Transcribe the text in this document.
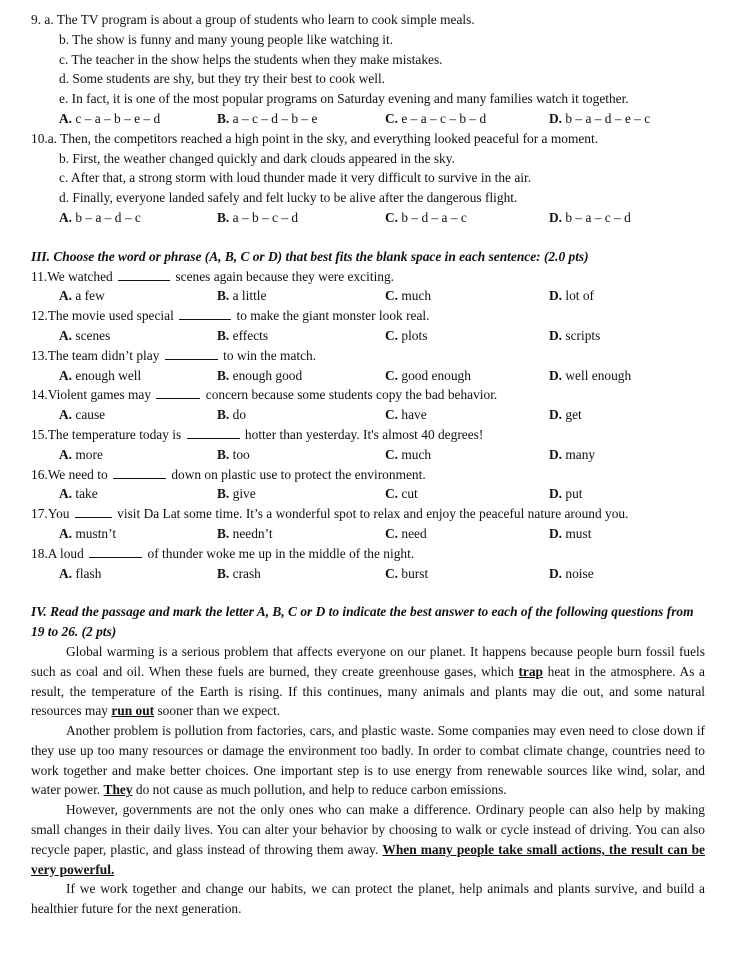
9. a. The TV program is about a group of students who learn to cook simple meals.
b. The show is funny and many young people like watching it.
c. The teacher in the show helps the students when they make mistakes.
d. Some students are shy, but they try their best to cook well.
e. In fact, it is one of the most popular programs on Saturday evening and many families watch it together.
A. c – a – b – e – d	B. a – c – d – b – e	C. e – a – c – b – d	D. b – a – d – e – c
10.a. Then, the competitors reached a high point in the sky, and everything looked peaceful for a moment.
b. First, the weather changed quickly and dark clouds appeared in the sky.
c. After that, a strong storm with loud thunder made it very difficult to survive in the air.
d. Finally, everyone landed safely and felt lucky to be alive after the dangerous flight.
A. b – a – d – c	B. a – b – c – d	C. b – d – a – c	D. b – a – c – d
III. Choose the word or phrase (A, B, C or D) that best fits the blank space in each sentence: (2.0 pts)
11.We watched	scenes again because they were exciting.
A. a few	B. a little	C. much	D. lot of
12.The movie used special	to make the giant monster look real.
A. scenes	B. effects	C. plots	D. scripts
13.The team didn’t play	to win the match.
A. enough well	B. enough good	C. good enough	D. well enough
14.Violent games may	concern because some students copy the bad behavior.
A. cause	B. do	C. have	D. get
15.The temperature today is	hotter than yesterday. It's almost 40 degrees!
A. more	B. too	C. much	D. many
16.We need to	down on plastic use to protect the environment.
A. take	B. give	C. cut	D. put
17.You	visit Da Lat some time. It’s a wonderful spot to relax and enjoy the peaceful nature around you.
A. mustn’t	B. needn’t	C. need	D. must
18.A loud	of thunder woke me up in the middle of the night.
A. flash	B. crash	C. burst	D. noise
IV. Read the passage and mark the letter A, B, C or D to indicate the best answer to each of the following questions from 19 to 26. (2 pts)

Global warming is a serious problem that affects everyone on our planet. It happens because people burn fossil fuels such as coal and oil. When these fuels are burned, they create greenhouse gases, which trap heat in the atmosphere. As a result, the temperature of the Earth is rising. If this continues, many animals and plants may die out, and some natural resources may run out sooner than we expect.

Another problem is pollution from factories, cars, and plastic waste. Some companies may even need to close down if they use up too many resources or damage the environment too badly. In order to combat climate change, countries need to work together and make better choices. One important step is to use energy from renewable sources like wind, solar, and water power. They do not cause as much pollution, and help to reduce carbon emissions.

However, governments are not the only ones who can make a difference. Ordinary people can also help by making small changes in their daily lives. You can alter your behavior by choosing to walk or cycle instead of driving. You can also recycle paper, plastic, and glass instead of throwing them away. When many people take small actions, the result can be very powerful.

If we work together and change our habits, we can protect the planet, help animals and plants survive, and build a healthier future for the next generation.
